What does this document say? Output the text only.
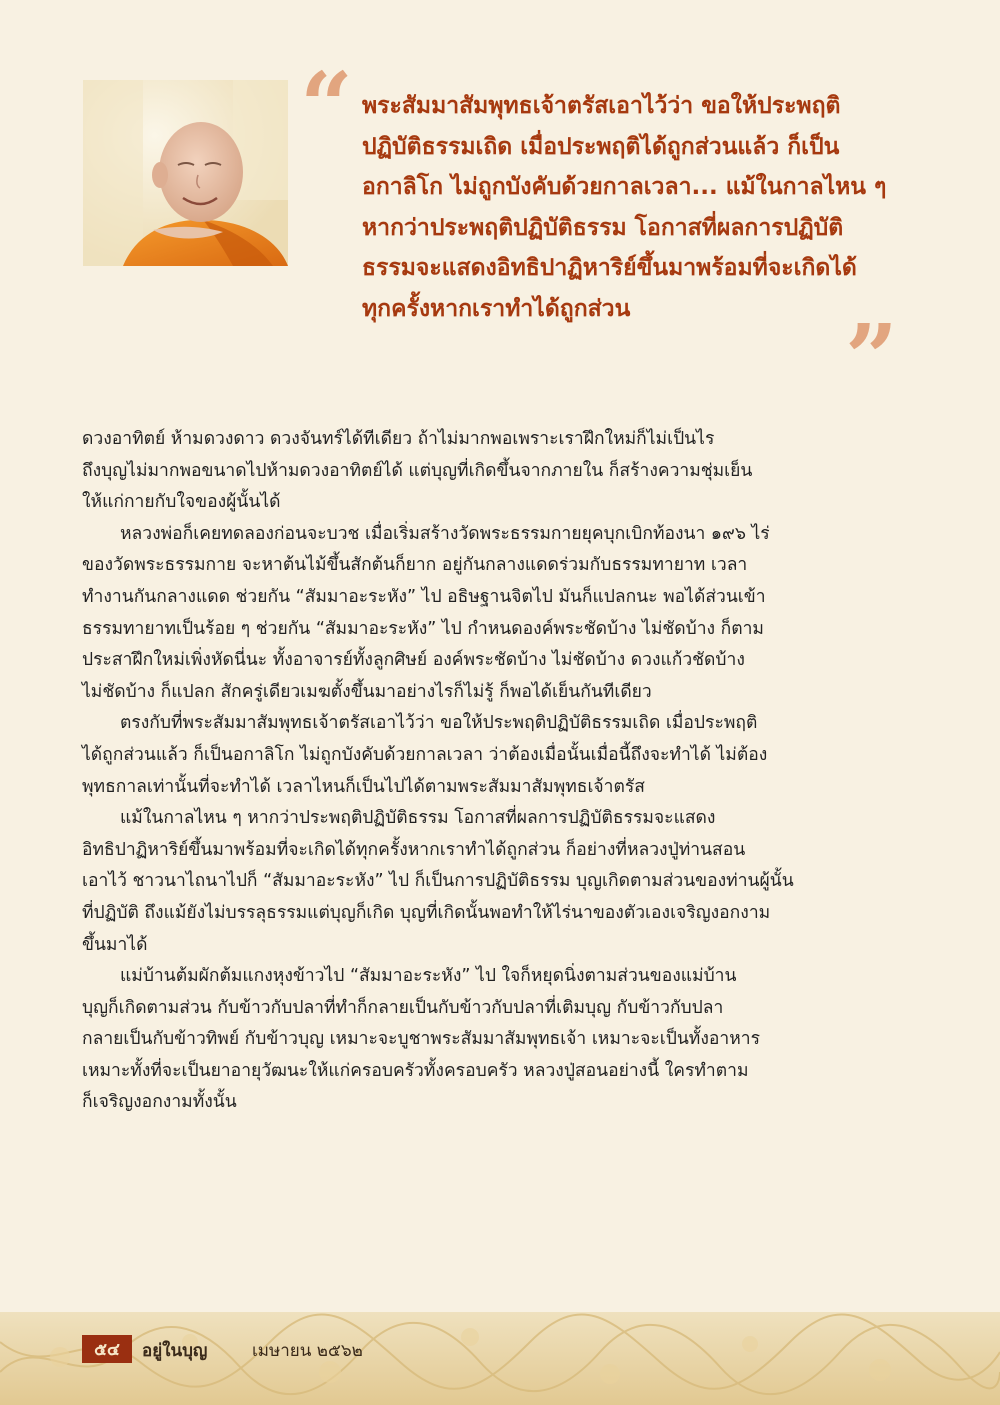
“ พระสัมมาสัมพุทธเจ้าตรัสเอาไว้ว่า ขอให้ประพฤติ
ปฏิบัติธรรมเถิด เมื่อประพฤติได้ถูกส่วนแล้ว ก็เป็น
อกาลิโก ไม่ถูกบังคับด้วยกาลเวลา... แม้ในกาลไหน ๆ
หากว่าประพฤติปฏิบัติธรรม โอกาสที่ผลการปฏิบัติ
ธรรมจะแสดงอิทธิปาฏิหาริย์ขึ้นมาพร้อมที่จะเกิดได้
ทุกครั้งหากเราทำได้ถูกส่วน	”
ดวงอาทิตย์ ห้ามดวงดาว ดวงจันทร์ได้ทีเดียว ถ้าไม่มากพอเพราะเราฝึกใหม่ก็ไม่เป็นไร
ถึงบุญไม่มากพอขนาดไปห้ามดวงอาทิตย์ได้ แต่บุญที่เกิดขึ้นจากภายใน ก็สร้างความชุ่มเย็น
ให้แก่กายกับใจของผู้นั้นได้
หลวงพ่อก็เคยทดลองก่อนจะบวช เมื่อเริ่มสร้างวัดพระธรรมกายยุคบุกเบิกท้องนา ๑๙๖ ไร่
ของวัดพระธรรมกาย จะหาต้นไม้ขึ้นสักต้นก็ยาก อยู่กันกลางแดดร่วมกับธรรมทายาท เวลา
ทำงานกันกลางแดด ช่วยกัน “สัมมาอะระหัง” ไป อธิษฐานจิตไป มันก็แปลกนะ พอได้ส่วนเข้า
ธรรมทายาทเป็นร้อย ๆ ช่วยกัน “สัมมาอะระหัง” ไป กำหนดองค์พระชัดบ้าง ไม่ชัดบ้าง ก็ตาม
ประสาฝึกใหม่เพิ่งหัดนี่นะ ทั้งอาจารย์ทั้งลูกศิษย์ องค์พระชัดบ้าง ไม่ชัดบ้าง ดวงแก้วชัดบ้าง
ไม่ชัดบ้าง ก็แปลก สักครู่เดียวเมฆตั้งขึ้นมาอย่างไรก็ไม่รู้ ก็พอได้เย็นกันทีเดียว
ตรงกับที่พระสัมมาสัมพุทธเจ้าตรัสเอาไว้ว่า ขอให้ประพฤติปฏิบัติธรรมเถิด เมื่อประพฤติ
ได้ถูกส่วนแล้ว ก็เป็นอกาลิโก ไม่ถูกบังคับด้วยกาลเวลา ว่าต้องเมื่อนั้นเมื่อนี้ถึงจะทำได้ ไม่ต้อง
พุทธกาลเท่านั้นที่จะทำได้ เวลาไหนก็เป็นไปได้ตามพระสัมมาสัมพุทธเจ้าตรัส
แม้ในกาลไหน ๆ หากว่าประพฤติปฏิบัติธรรม โอกาสที่ผลการปฏิบัติธรรมจะแสดง
อิทธิปาฏิหาริย์ขึ้นมาพร้อมที่จะเกิดได้ทุกครั้งหากเราทำได้ถูกส่วน ก็อย่างที่หลวงปู่ท่านสอน
เอาไว้ ชาวนาไถนาไปก็ “สัมมาอะระหัง” ไป ก็เป็นการปฏิบัติธรรม บุญเกิดตามส่วนของท่านผู้นั้น
ที่ปฏิบัติ ถึงแม้ยังไม่บรรลุธรรมแต่บุญก็เกิด บุญที่เกิดนั้นพอทำให้ไร่นาของตัวเองเจริญงอกงาม
ขึ้นมาได้
แม่บ้านต้มผักต้มแกงหุงข้าวไป “สัมมาอะระหัง” ไป ใจก็หยุดนิ่งตามส่วนของแม่บ้าน
บุญก็เกิดตามส่วน กับข้าวกับปลาที่ทำก็กลายเป็นกับข้าวกับปลาที่เติมบุญ กับข้าวกับปลา
กลายเป็นกับข้าวทิพย์ กับข้าวบุญ เหมาะจะบูชาพระสัมมาสัมพุทธเจ้า เหมาะจะเป็นทั้งอาหาร
เหมาะทั้งที่จะเป็นยาอายุวัฒนะให้แก่ครอบครัวทั้งครอบครัว หลวงปู่สอนอย่างนี้ ใครทำตาม
ก็เจริญงอกงามทั้งนั้น
๕๔	อยู่ในบุญ	เมษายน ๒๕๖๒
